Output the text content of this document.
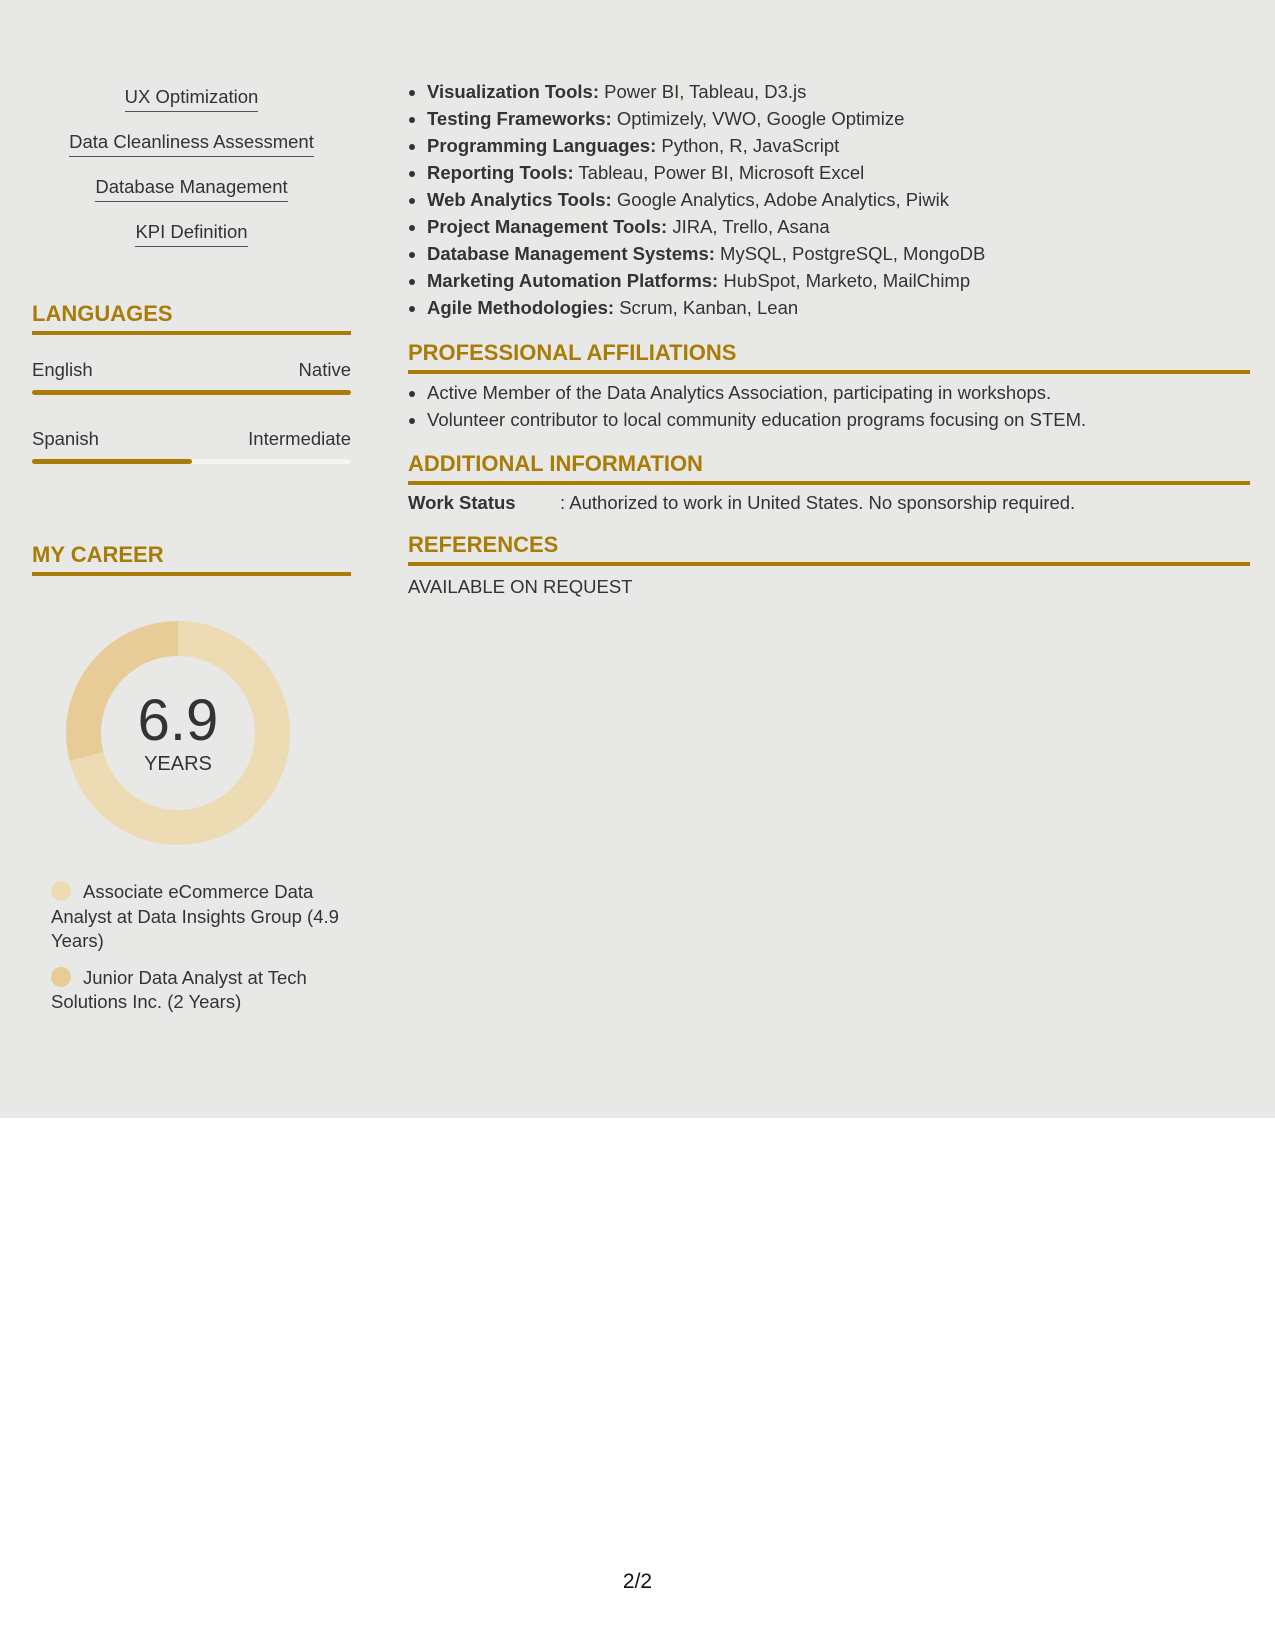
UX Optimization
Data Cleanliness Assessment
Database Management
KPI Definition
LANGUAGES
English	Native
Spanish	Intermediate
MY CAREER
6.9
YEARS
Associate eCommerce Data Analyst at Data Insights Group (4.9 Years)
Junior Data Analyst at Tech Solutions Inc. (2 Years)
• Visualization Tools: Power BI, Tableau, D3.js
• Testing Frameworks: Optimizely, VWO, Google Optimize
• Programming Languages: Python, R, JavaScript
• Reporting Tools: Tableau, Power BI, Microsoft Excel
• Web Analytics Tools: Google Analytics, Adobe Analytics, Piwik
• Project Management Tools: JIRA, Trello, Asana
• Database Management Systems: MySQL, PostgreSQL, MongoDB
• Marketing Automation Platforms: HubSpot, Marketo, MailChimp
• Agile Methodologies: Scrum, Kanban, Lean
PROFESSIONAL AFFILIATIONS
• Active Member of the Data Analytics Association, participating in workshops.
• Volunteer contributor to local community education programs focusing on STEM.
ADDITIONAL INFORMATION
Work Status : Authorized to work in United States. No sponsorship required.
REFERENCES
AVAILABLE ON REQUEST
2/2
